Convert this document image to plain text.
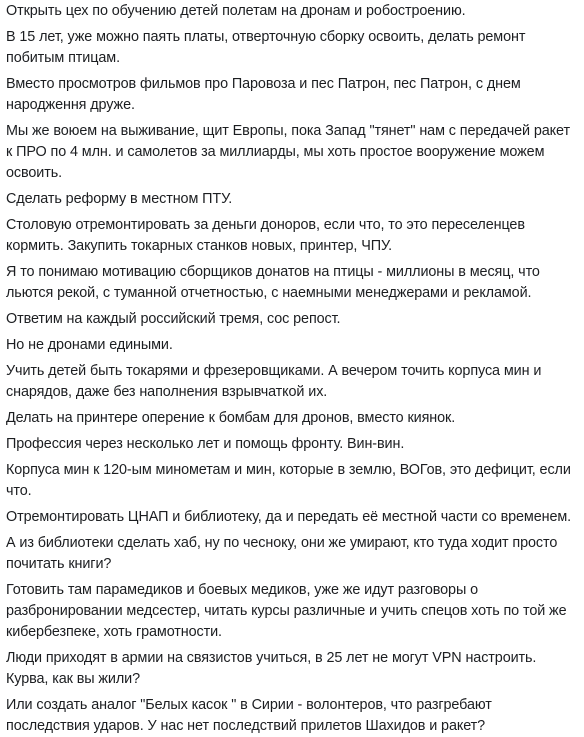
Открыть цех по обучению детей полетам на дронам и робостроению.

В 15 лет, уже можно паять платы, отверточную сборку освоить, делать ремонт побитым птицам.

Вместо просмотров фильмов про Паровоза и пес Патрон, пес Патрон, с днем народження друже.

Мы же воюем на выживание, щит Европы, пока Запад "тянет" нам с передачей ракет к ПРО по 4 млн. и самолетов за миллиарды, мы хоть простое вооружение можем освоить.

Сделать реформу в местном ПТУ.

Столовую отремонтировать за деньги доноров, если что, то это переселенцев кормить. Закупить токарных станков новых, принтер, ЧПУ.

Я то понимаю мотивацию сборщиков донатов на птицы - миллионы в месяц, что льются рекой, с туманной отчетностью, с наемными менеджерами и рекламой.

Ответим на каждый российский тремя, сос репост.

Но не дронами едиными.

Учить детей быть токарями и фрезеровщиками. А вечером точить корпуса мин и снарядов, даже без наполнения взрывчаткой их.

Делать на принтере оперение к бомбам для дронов, вместо киянок.

Профессия через несколько лет и помощь фронту. Вин-вин.

Корпуса мин к 120-ым минометам и мин, которые в землю, ВОГов, это дефицит, если что.

Отремонтировать ЦНАП и библиотеку, да и передать её местной части со временем.

А из библиотеки сделать хаб, ну по чесноку, они же умирают, кто туда ходит просто почитать книги?

Готовить там парамедиков и боевых медиков, уже же идут разговоры о разбронировании медсестер, читать курсы различные и учить спецов хоть по той же кибербезпеке, хоть грамотности.

Люди приходят в армии на связистов учиться, в 25 лет не могут VPN настроить. Курва, как вы жили?

Или создать аналог "Белых касок " в Сирии - волонтеров, что разгребают последствия ударов. У нас нет последствий прилетов Шахидов и ракет?
